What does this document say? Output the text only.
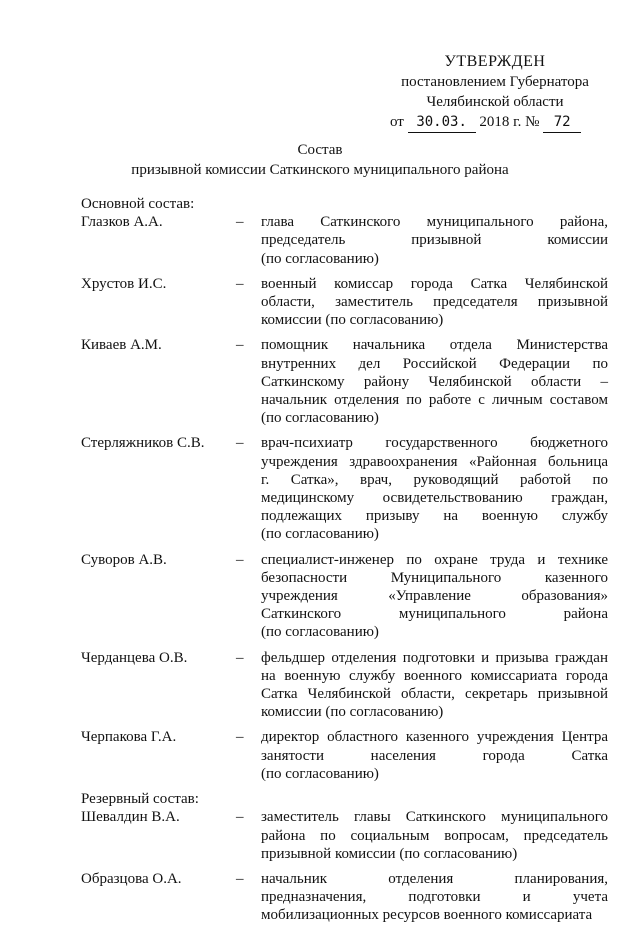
УТВЕРЖДЕН
постановлением Губернатора
Челябинской области
от 30.03. 2018 г. № 72
Состав
призывной комиссии Саткинского муниципального района

Основной состав:

Глазков А.А.	–	глава Саткинского муниципального района,
председатель призывной комиссии
(по согласованию)
Хрустов И.С.	–	военный комиссар города Сатка Челябинской
области, заместитель председателя призывной
комиссии (по согласованию)
Киваев А.М.	–	помощник начальника отдела Министерства
внутренних дел Российской Федерации по
Саткинскому району Челябинской области –
начальник отделения по работе с личным составом
(по согласованию)
Стерляжников С.В.	–	врач-психиатр государственного бюджетного
учреждения здравоохранения «Районная больница
г. Сатка», врач, руководящий работой по
медицинскому освидетельствованию граждан,
подлежащих призыву на военную службу
(по согласованию)
Суворов А.В.	–	специалист-инженер по охране труда и технике
безопасности Муниципального казенного
учреждения «Управление образования»
Саткинского муниципального района
(по согласованию)
Черданцева О.В.	–	фельдшер отделения подготовки и призыва граждан
на военную службу военного комиссариата города
Сатка Челябинской области, секретарь призывной
комиссии (по согласованию)
Черпакова Г.А.	–	директор областного казенного учреждения Центра
занятости населения города Сатка
(по согласованию)

Резервный состав:

Шевалдин В.А.	–	заместитель главы Саткинского муниципального
района по социальным вопросам, председатель
призывной комиссии (по согласованию)
Образцова О.А.	–	начальник отделения планирования,
предназначения, подготовки и учета
мобилизационных ресурсов военного комиссариата
